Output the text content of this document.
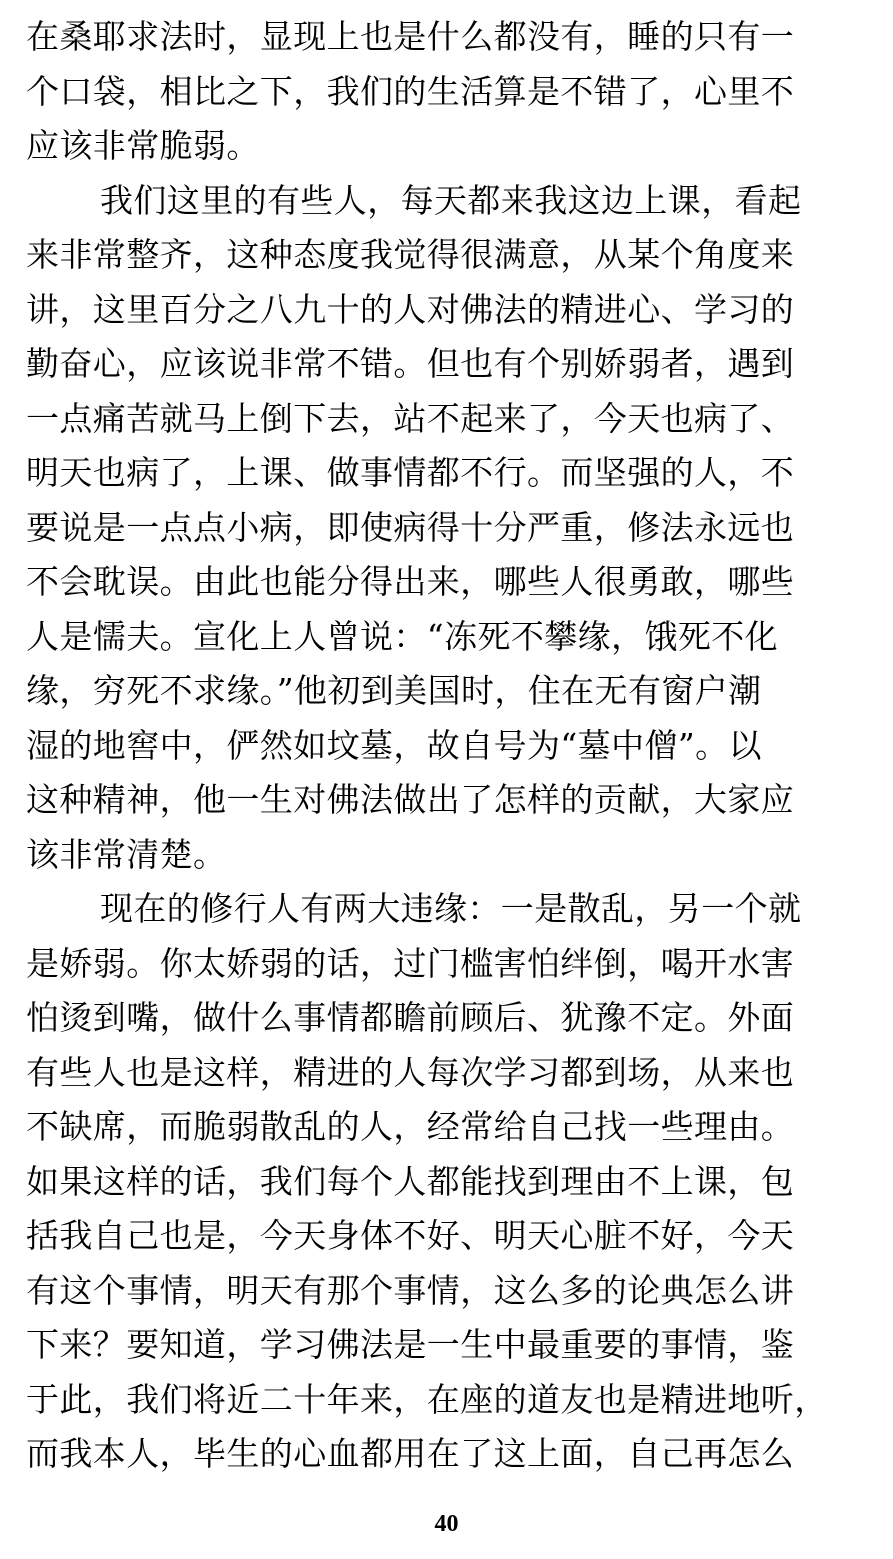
在桑耶求法时，显现上也是什么都没有，睡的只有一
个口袋，相比之下，我们的生活算是不错了，心里不
应该非常脆弱。
我们这里的有些人，每天都来我这边上课，看起
来非常整齐，这种态度我觉得很满意，从某个角度来
讲，这里百分之八九十的人对佛法的精进心、学习的
勤奋心，应该说非常不错。但也有个别娇弱者，遇到
一点痛苦就马上倒下去，站不起来了，今天也病了、
明天也病了，上课、做事情都不行。而坚强的人，不
要说是一点点小病，即使病得十分严重，修法永远也
不会耽误。由此也能分得出来，哪些人很勇敢，哪些
人是懦夫。宣化上人曾说：“冻死不攀缘，饿死不化
缘，穷死不求缘。”他初到美国时，住在无有窗户潮
湿的地窖中，俨然如坟墓，故自号为“墓中僧”。以
这种精神，他一生对佛法做出了怎样的贡献，大家应
该非常清楚。
现在的修行人有两大违缘：一是散乱，另一个就
是娇弱。你太娇弱的话，过门槛害怕绊倒，喝开水害
怕烫到嘴，做什么事情都瞻前顾后、犹豫不定。外面
有些人也是这样，精进的人每次学习都到场，从来也
不缺席，而脆弱散乱的人，经常给自己找一些理由。
如果这样的话，我们每个人都能找到理由不上课，包
括我自己也是，今天身体不好、明天心脏不好，今天
有这个事情，明天有那个事情，这么多的论典怎么讲
下来？要知道，学习佛法是一生中最重要的事情，鉴
于此，我们将近二十年来，在座的道友也是精进地听，
而我本人，毕生的心血都用在了这上面，自己再怎么
40
